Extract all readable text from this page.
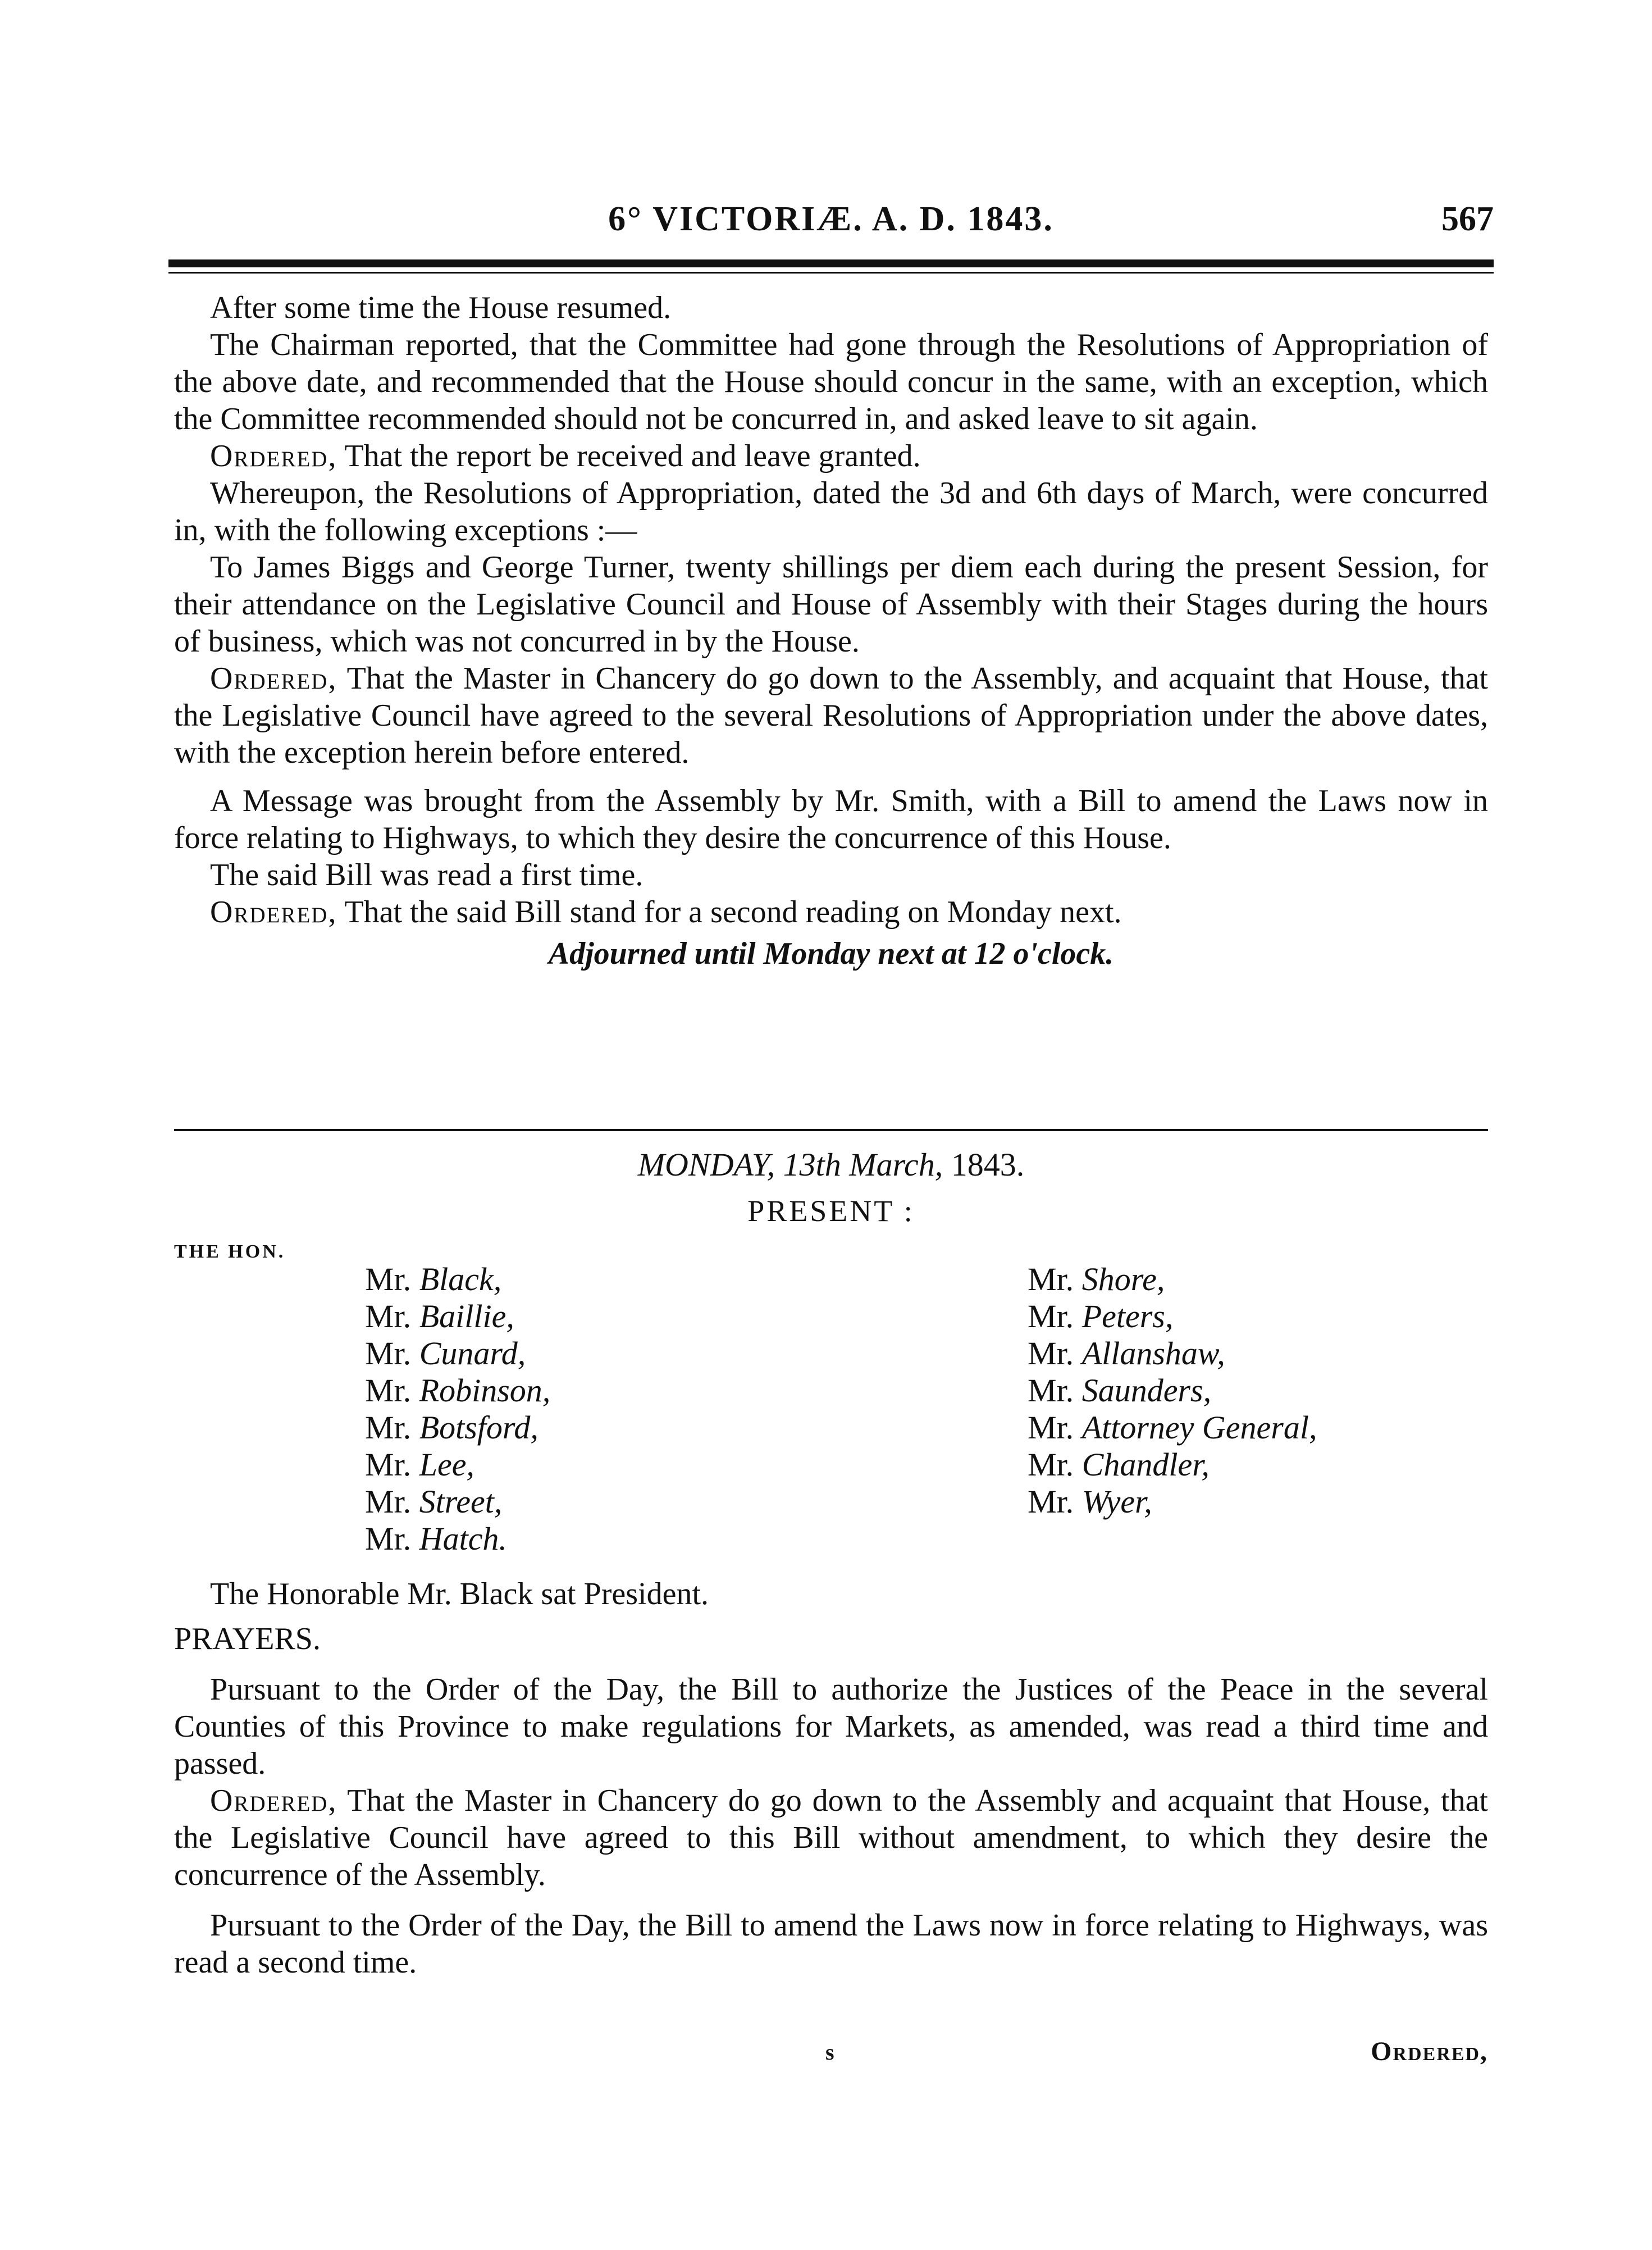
6° VICTORIÆ. A. D. 1843.	567

After some time the House resumed.

The Chairman reported, that the Committee had gone through the Resolutions of Appropriation of the above date, and recommended that the House should concur in the same, with an exception, which the Committee recommended should not be concurred in, and asked leave to sit again.

Ordered, That the report be received and leave granted.

Whereupon, the Resolutions of Appropriation, dated the 3d and 6th days of March, were concurred in, with the following exceptions :—

To James Biggs and George Turner, twenty shillings per diem each during the present Session, for their attendance on the Legislative Council and House of Assembly with their Stages during the hours of business, which was not concurred in by the House.

Ordered, That the Master in Chancery do go down to the Assembly, and acquaint that House, that the Legislative Council have agreed to the several Resolutions of Appropriation under the above dates, with the exception herein before entered.

A Message was brought from the Assembly by Mr. Smith, with a Bill to amend the Laws now in force relating to Highways, to which they desire the concurrence of this House.

The said Bill was read a first time.

Ordered, That the said Bill stand for a second reading on Monday next.

Adjourned until Monday next at 12 o'clock.
MONDAY, 13th March, 1843.
PRESENT :
THE HON.
Mr. Black,
Mr. Baillie,
Mr. Cunard,
Mr. Robinson,
Mr. Botsford,
Mr. Lee,
Mr. Street,
Mr. Hatch.
Mr. Shore,
Mr. Peters,
Mr. Allanshaw,
Mr. Saunders,
Mr. Attorney General,
Mr. Chandler,
Mr. Wyer,

The Honorable Mr. Black sat President.

PRAYERS.

Pursuant to the Order of the Day, the Bill to authorize the Justices of the Peace in the several Counties of this Province to make regulations for Markets, as amended, was read a third time and passed.

Ordered, That the Master in Chancery do go down to the Assembly and acquaint that House, that the Legislative Council have agreed to this Bill without amendment, to which they desire the concurrence of the Assembly.

Pursuant to the Order of the Day, the Bill to amend the Laws now in force relating to Highways, was read a second time.

s	Ordered,
